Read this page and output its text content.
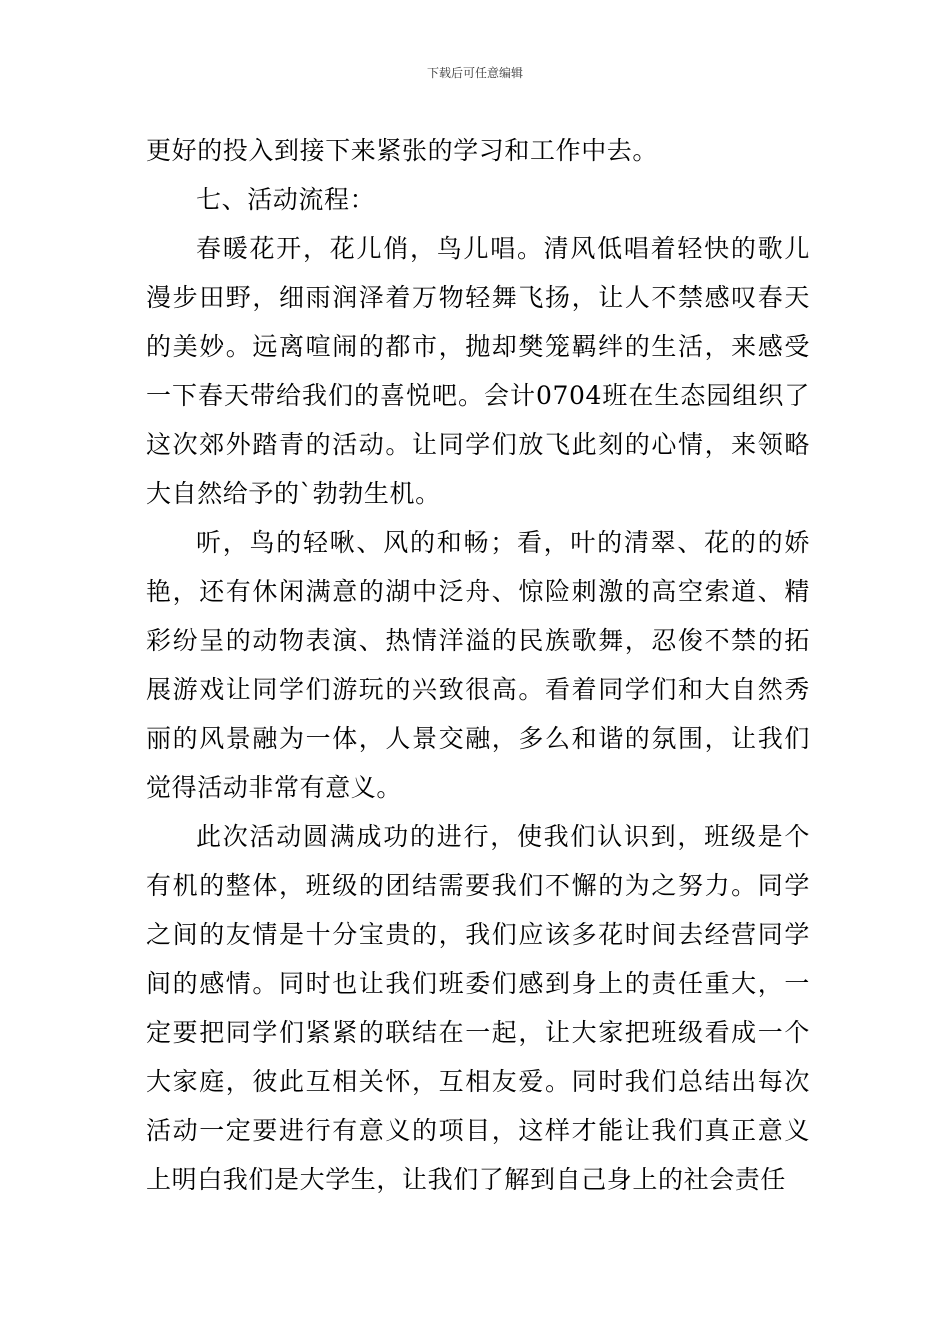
下载后可任意编辑

更好的投入到接下来紧张的学习和工作中去。

七、活动流程：

春暖花开，花儿俏，鸟儿唱。清风低唱着轻快的歌儿漫步田野，细雨润泽着万物轻舞飞扬，让人不禁感叹春天的美妙。远离喧闹的都市，抛却樊笼羁绊的生活，来感受一下春天带给我们的喜悦吧。会计0704班在生态园组织了这次郊外踏青的活动。让同学们放飞此刻的心情，来领略大自然给予的`勃勃生机。

听，鸟的轻啾、风的和畅；看，叶的清翠、花的的娇艳，还有休闲满意的湖中泛舟、惊险刺激的高空索道、精彩纷呈的动物表演、热情洋溢的民族歌舞，忍俊不禁的拓展游戏让同学们游玩的兴致很高。看着同学们和大自然秀丽的风景融为一体，人景交融，多么和谐的氛围，让我们觉得活动非常有意义。

此次活动圆满成功的进行，使我们认识到，班级是个有机的整体，班级的团结需要我们不懈的为之努力。同学之间的友情是十分宝贵的，我们应该多花时间去经营同学间的感情。同时也让我们班委们感到身上的责任重大，一定要把同学们紧紧的联结在一起，让大家把班级看成一个大家庭，彼此互相关怀，互相友爱。同时我们总结出每次活动一定要进行有意义的项目，这样才能让我们真正意义上明白我们是大学生，让我们了解到自己身上的社会责任
